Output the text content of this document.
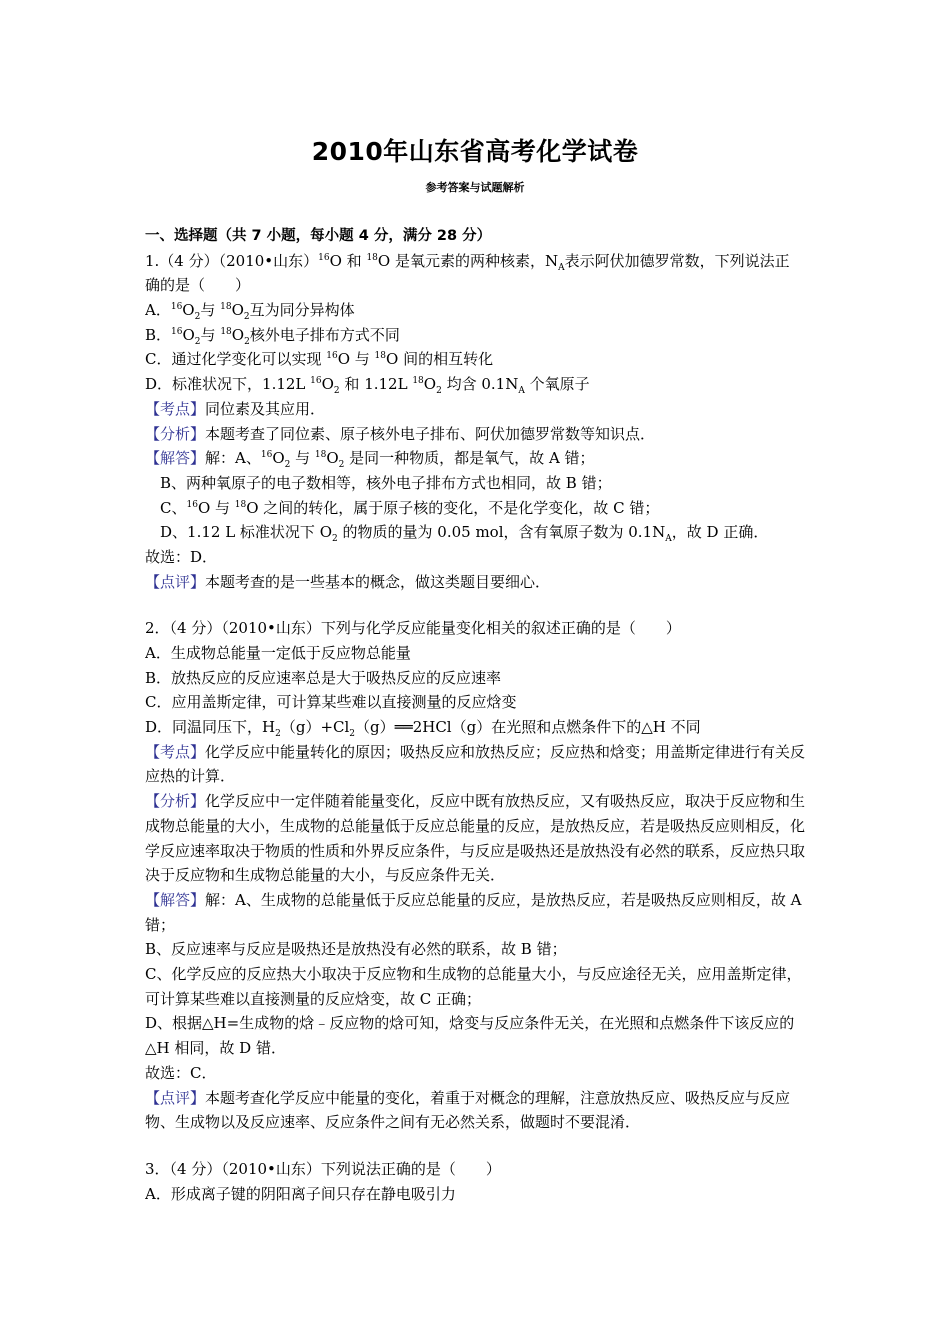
2010年山东省高考化学试卷
参考答案与试题解析
一、选择题（共 7 小题，每小题 4 分，满分 28 分）
1.（4 分）（2010•山东）$^{16}$O 和 $^{18}$O 是氧元素的两种核素，$N_A$表示阿伏加德罗常数，下列说法正
确的是（　　）
A．$^{16}O_2$与 $^{18}O_2$互为同分异构体
B．$^{16}O_2$与 $^{18}O_2$核外电子排布方式不同
C．通过化学变化可以实现 $^{16}$O 与 $^{18}$O 间的相互转化
D．标准状况下，1.12L $^{16}O_2$ 和 1.12L $^{18}O_2$ 均含 $0.1N_A$ 个氧原子
【考点】同位素及其应用．
【分析】本题考查了同位素、原子核外电子排布、阿伏加德罗常数等知识点．
【解答】解：A、$^{16}O_2$ 与 $^{18}O_2$ 是同一种物质，都是氧气，故 A 错；
B、两种氧原子的电子数相等，核外电子排布方式也相同，故 B 错；
C、$^{16}$O 与 $^{18}$O 之间的转化，属于原子核的变化，不是化学变化，故 C 错；
D、1.12 L 标准状况下 $O_2$ 的物质的量为 0.05 mol，含有氧原子数为 $0.1N_A$，故 D 正确．
故选：D．
【点评】本题考查的是一些基本的概念，做这类题目要细心．
2．（4 分）（2010•山东）下列与化学反应能量变化相关的叙述正确的是（　　）
A．生成物总能量一定低于反应物总能量
B．放热反应的反应速率总是大于吸热反应的反应速率
C．应用盖斯定律，可计算某些难以直接测量的反应焓变
D．同温同压下，$H_2(g)+Cl_2(g)══2HCl(g)$在光照和点燃条件下的△H 不同
【考点】化学反应中能量转化的原因；吸热反应和放热反应；反应热和焓变；用盖斯定律进行有关反应热的计算．
【分析】化学反应中一定伴随着能量变化，反应中既有放热反应，又有吸热反应，取决于反应物和生成物总能量的大小，生成物的总能量低于反应总能量的反应，是放热反应，若是吸热反应则相反，化学反应速率取决于物质的性质和外界反应条件，与反应是吸热还是放热没有必然的联系，反应热只取决于反应物和生成物总能量的大小，与反应条件无关．
【解答】解：A、生成物的总能量低于反应总能量的反应，是放热反应，若是吸热反应则相反，故 A 错；
B、反应速率与反应是吸热还是放热没有必然的联系，故 B 错；
C、化学反应的反应热大小取决于反应物和生成物的总能量大小，与反应途径无关，应用盖斯定律，可计算某些难以直接测量的反应焓变，故 C 正确；
D、根据△H=生成物的焓﹣反应物的焓可知，焓变与反应条件无关，在光照和点燃条件下该反应的△H 相同，故 D 错．
故选：C．
【点评】本题考查化学反应中能量的变化，着重于对概念的理解，注意放热反应、吸热反应与反应物、生成物以及反应速率、反应条件之间有无必然关系，做题时不要混淆．
3．（4 分）（2010•山东）下列说法正确的是（　　）
A．形成离子键的阴阳离子间只存在静电吸引力
